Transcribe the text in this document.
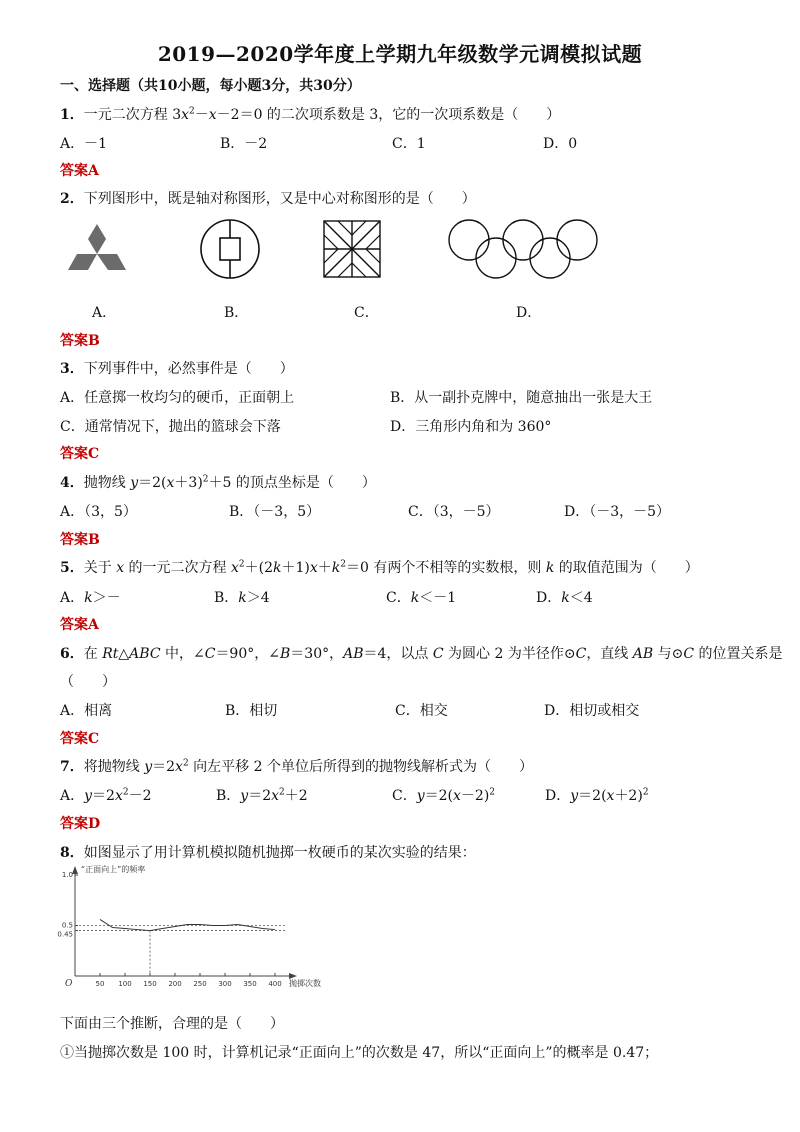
2019—2020学年度上学期九年级数学元调模拟试题
一、选择题（共10小题，每小题3分，共30分）
1．一元二次方程 $3x^2-x-2=0$ 的二次项系数是 3，它的一次项系数是（　　）
A．－1	B．－2	C．1	D．0
答案A
2．下列图形中，既是轴对称图形，又是中心对称图形的是（　　）
A．	B．	C．	D．
答案B
3．下列事件中，必然事件是（　　）
A．任意掷一枚均匀的硬币，正面朝上	B．从一副扑克牌中，随意抽出一张是大王
C．通常情况下，抛出的篮球会下落	D．三角形内角和为 360°
答案C
4．抛物线 $y=2(x+3)^2+5$ 的顶点坐标是（　　）
A．（3，5）	B．（－3，5）	C．（3，－5）	D．（－3，－5）
答案B
5．关于 x 的一元二次方程 $x^2+(2k+1)x+k^2=0$ 有两个不相等的实数根，则 k 的取值范围为（　　）
A．k＞－	B．k＞4	C．k＜－1	D．k＜4
答案A
6．在 Rt△ABC 中，∠C＝90°，∠B＝30°，AB＝4，以点 C 为圆心 2 为半径作⊙C，直线 AB 与⊙C 的位置关系是
（　　）
A．相离	B．相切	C．相交	D．相切或相交
答案C
7．将抛物线 $y=2x^2$ 向左平移 2 个单位后所得到的抛物线解析式为（　　）
A．$y=2x^2-2$	B．$y=2x^2+2$	C．$y=2(x-2)^2$	D．$y=2(x+2)^2$
答案D
8．如图显示了用计算机模拟随机抛掷一枚硬币的某次实验的结果：
“正面向上”的频率
抛掷次数
O	50 100 150 200 250 300 350 400
0.45
0.5
1.0
下面由三个推断，合理的是（　　）
①当抛掷次数是 100 时，计算机记录“正面向上”的次数是 47，所以“正面向上”的概率是 0.47；
